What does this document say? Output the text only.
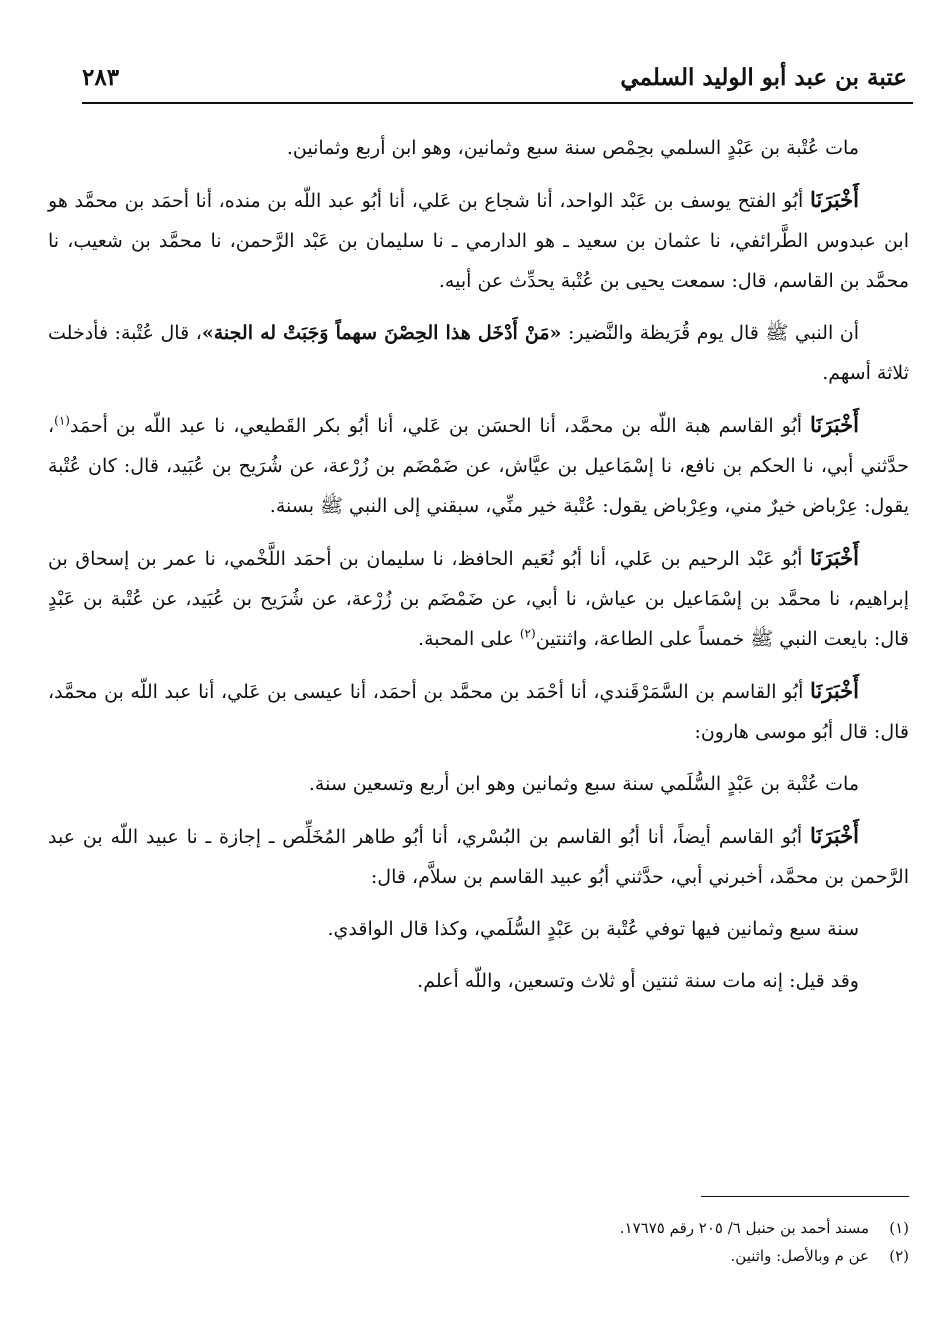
عتبة بن عبد أبو الوليد السلمي
٢٨٣

مات عُتْبة بن عَبْدٍ السلمي بحِمْص سنة سبع وثمانين، وهو ابن أربع وثمانين.

أَخْبَرَنَا أبُو الفتح يوسف بن عَبْد الواحد، أنا شجاع بن عَلي، أنا أبُو عبد اللّه بن منده، أنا أحمَد بن محمَّد هو ابن عبدوس الطَّرائفي، نا عثمان بن سعيد ـ هو الدارمي ـ نا سليمان بن عَبْد الرَّحمن، نا محمَّد بن شعيب، نا محمَّد بن القاسم، قال: سمعت يحيى بن عُتْبة يحدِّث عن أبيه.

أن النبي ﷺ قال يوم قُرَيظة والنَّضير: «مَنْ أَدْخَل هذا الحِصْنَ سهماً وَجَبَتْ له الجنة»، قال عُتْبة: فأدخلت ثلاثة أسهم.

أَخْبَرَنَا أبُو القاسم هبة اللّه بن محمَّد، أنا الحسَن بن عَلي، أنا أبُو بكر القَطيعي، نا عبد اللّه بن أحمَد$^{(١)}$، حدَّثني أبي، نا الحكم بن نافع، نا إسْمَاعيل بن عيَّاش، عن ضَمْضَم بن زُرْعة، عن شُرَيح بن عُبَيد، قال: كان عُتْبة يقول: عِرْباض خيرٌ مني، وعِرْباض يقول: عُتْبة خير منِّي، سبقني إلى النبي ﷺ بسنة.

أَخْبَرَنَا أبُو عَبْد الرحيم بن عَلي، أنا أبُو نُعَيم الحافظ، نا سليمان بن أحمَد اللَّخْمي، نا عمر بن إسحاق بن إبراهيم، نا محمَّد بن إسْمَاعيل بن عياش، نا أبي، عن ضَمْضَم بن زُرْعة، عن شُرَيح بن عُبَيد، عن عُتْبة بن عَبْدٍ قال: بايعت النبي ﷺ خمساً على الطاعة، واثنتين$^{(٢)}$ على المحبة.

أَخْبَرَنَا أبُو القاسم بن السَّمَرْقَندي، أنا أحْمَد بن محمَّد بن أحمَد، أنا عيسى بن عَلي، أنا عبد اللّه بن محمَّد، قال: قال أبُو موسى هارون:

مات عُتْبة بن عَبْدٍ السُّلَمي سنة سبع وثمانين وهو ابن أربع وتسعين سنة.

أَخْبَرَنَا أبُو القاسم أيضاً، أنا أبُو القاسم بن البُسْري، أنا أبُو طاهر المُخَلِّص ـ إجازة ـ نا عبيد اللّه بن عبد الرَّحمن بن محمَّد، أخبرني أبي، حدَّثني أبُو عبيد القاسم بن سلاَّم، قال:

سنة سبع وثمانين فيها توفي عُتْبة بن عَبْدٍ السُّلَمي، وكذا قال الواقدي.

وقد قيل: إنه مات سنة ثنتين أو ثلاث وتسعين، واللّه أعلم.

(١)
مسند أحمد بن حنبل ٦/ ٢٠٥ رقم ١٧٦٧٥.
(٢)
عن م وبالأصل: واثنين.
